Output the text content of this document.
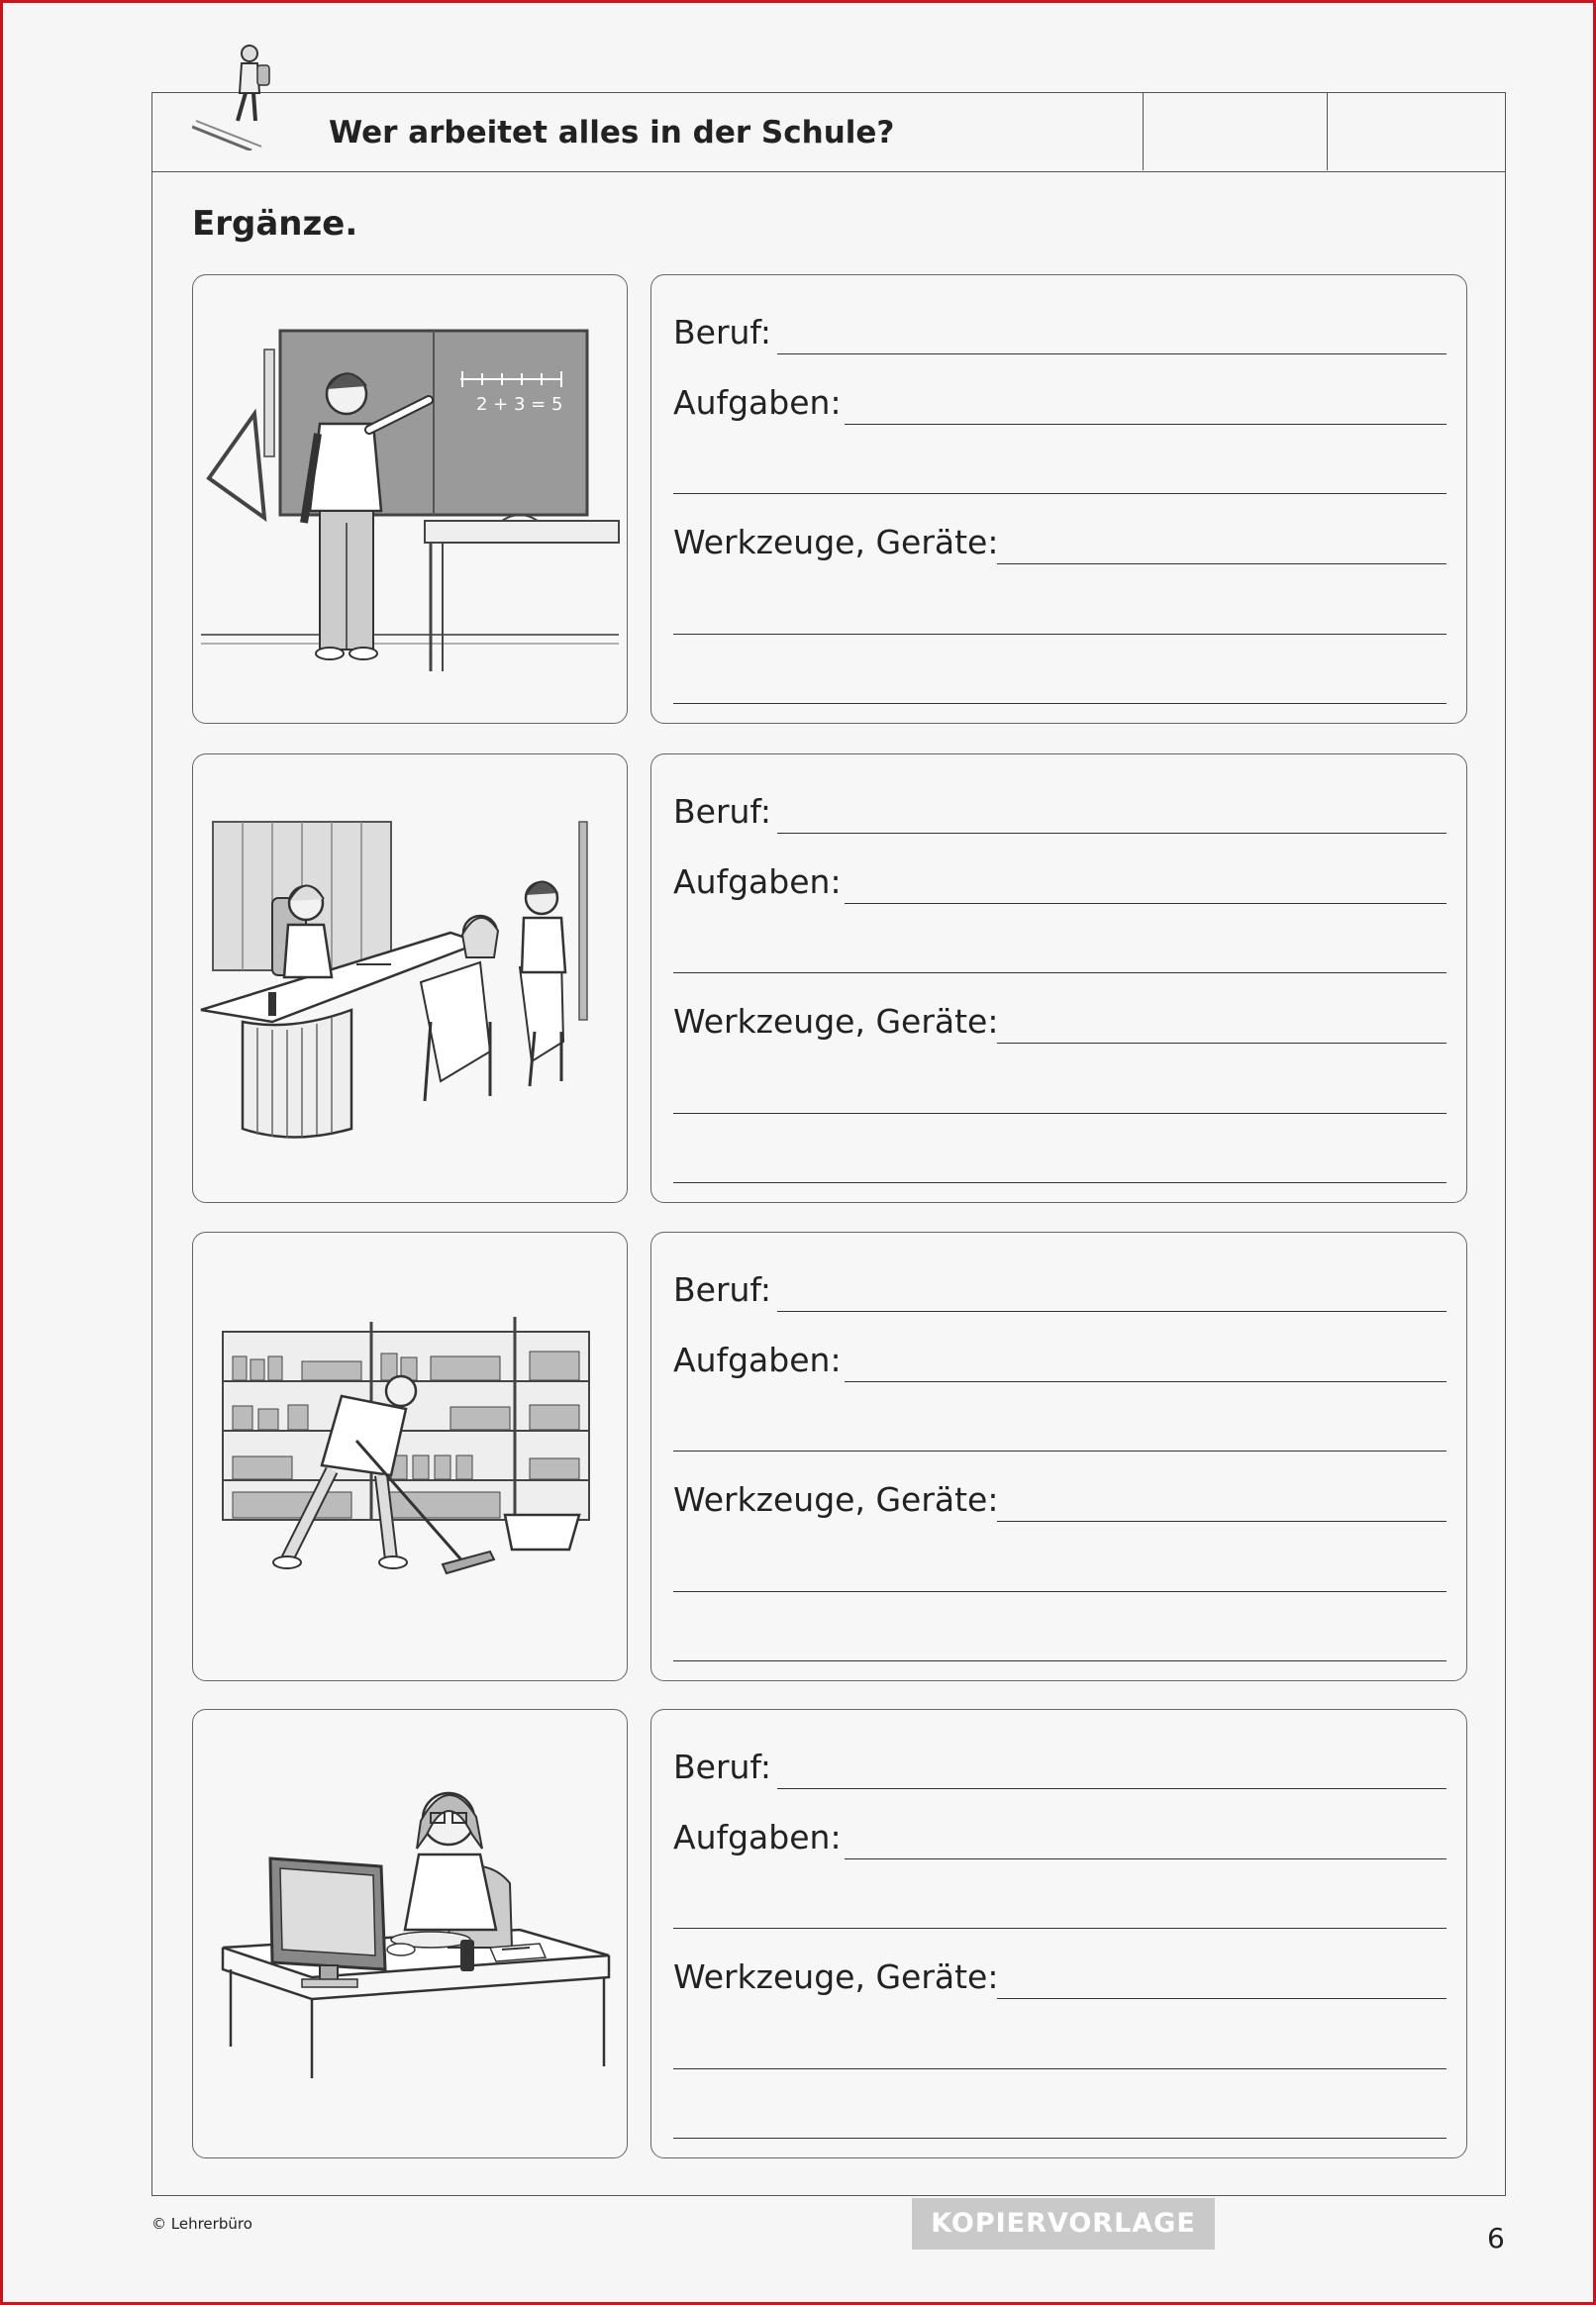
Wer arbeitet alles in der Schule?
Ergänze.
2 + 3 = 5
Beruf:
Aufgaben:
Werkzeuge, Geräte:
Beruf:
Aufgaben:
Werkzeuge, Geräte:
Beruf:
Aufgaben:
Werkzeuge, Geräte:
Beruf:
Aufgaben:
Werkzeuge, Geräte:
© Lehrerbüro	KOPIERVORLAGE	6
